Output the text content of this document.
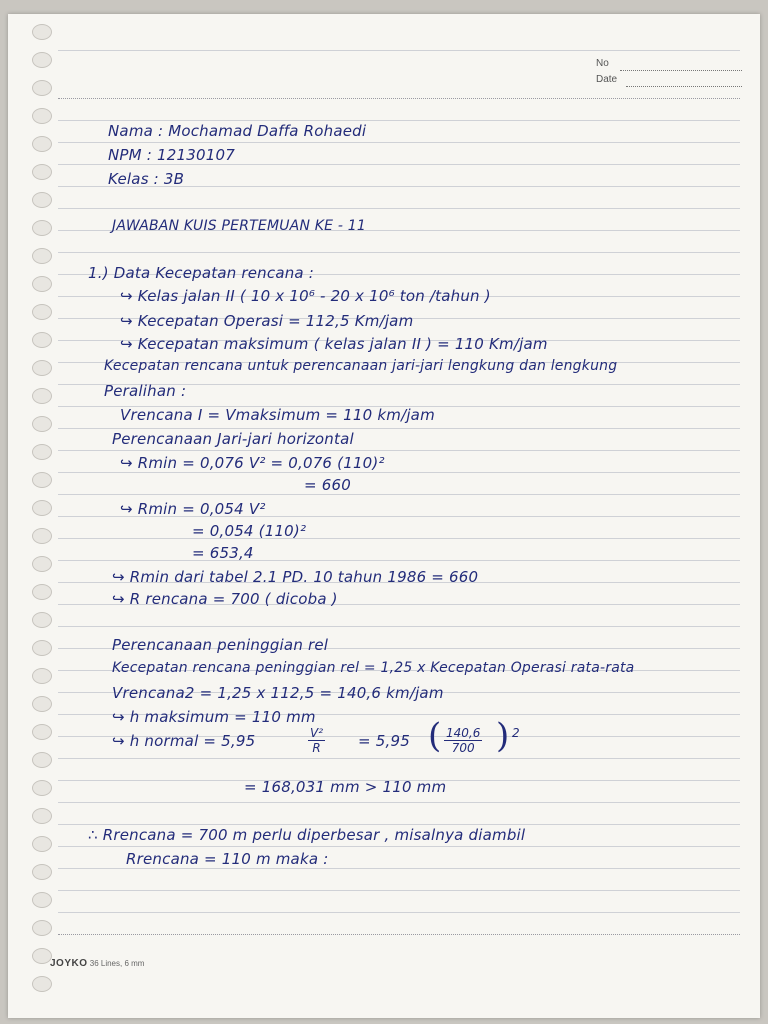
No
Date
Nama : Mochamad Daffa Rohaedi
NPM : 12130107
Kelas : 3B
JAWABAN KUIS PERTEMUAN KE - 11
1.) Data Kecepatan rencana :
↪ Kelas jalan II ( 10 x 10⁶ - 20 x 10⁶ ton /tahun )
↪ Kecepatan Operasi = 112,5 Km/jam
↪ Kecepatan maksimum ( kelas jalan II ) = 110 Km/jam
Kecepatan rencana untuk perencanaan jari-jari lengkung dan lengkung
Peralihan :
Vrencana I = Vmaksimum = 110 km/jam
Perencanaan Jari-jari horizontal
↪ Rmin = 0,076 V² = 0,076 (110)²
= 660
↪ Rmin = 0,054 V²
= 0,054 (110)²
= 653,4
↪ Rmin dari tabel 2.1 PD. 10 tahun 1986 = 660
↪ R rencana = 700 ( dicoba )
Perencanaan peninggian rel
Kecepatan rencana peninggian rel = 1,25 x Kecepatan Operasi rata-rata
Vrencana2 = 1,25 x 112,5 = 140,6 km/jam
↪ h maksimum = 110 mm
↪ h normal = 5,95	$\frac{\text{V²}}{R} = 5,95$ ( $\frac{140,6}{700}$ ) 2
= 168,031 mm > 110 mm
∴ Rrencana = 700 m perlu diperbesar , misalnya diambil
Rrencana = 110 m maka :
JOYKO 36 Lines, 6 mm
